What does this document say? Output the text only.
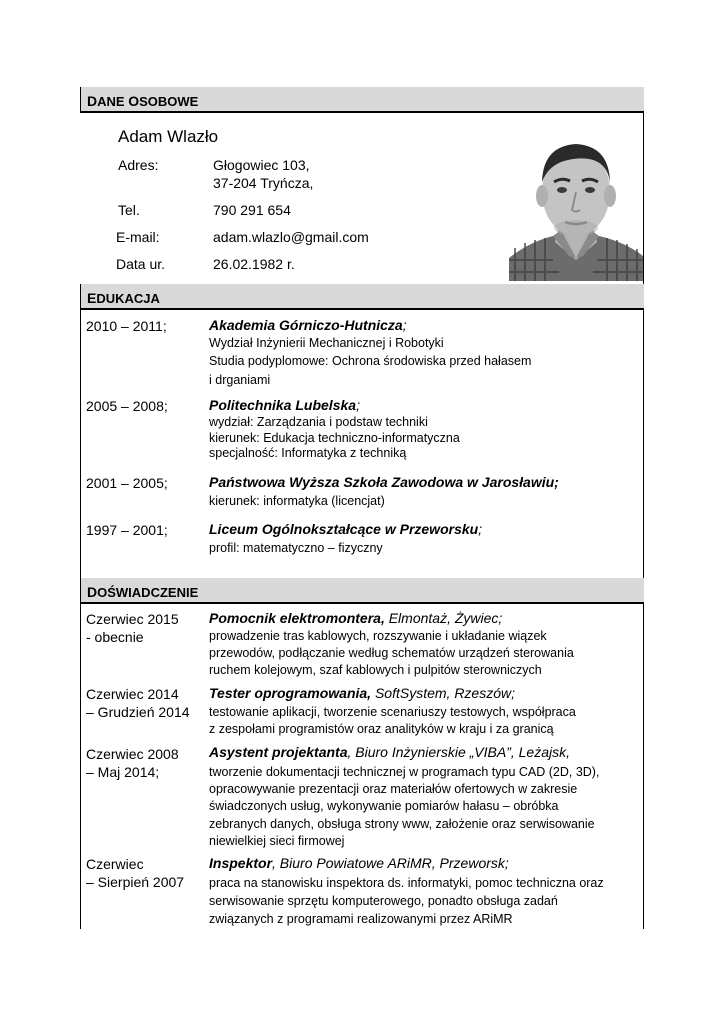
DANE OSOBOWE
EDUKACJA
DOŚWIADCZENIE
Adam Wlazło
Adres:	Głogowiec 103,
37-204 Tryńcza,
Tel.	790 291 654
E-mail:	adam.wlazlo@gmail.com
Data ur.	26.02.1982 r.
2010 – 2011;	Akademia Górniczo-Hutnicza;
Wydział Inżynierii Mechanicznej i Robotyki
Studia podyplomowe: Ochrona środowiska przed hałasem
i drganiami
2005 – 2008;	Politechnika Lubelska;
wydział: Zarządzania i podstaw techniki
kierunek: Edukacja techniczno-informatyczna
specjalność: Informatyka z techniką
2001 – 2005;	Państwowa Wyższa Szkoła Zawodowa w Jarosławiu;
kierunek: informatyka (licencjat)
1997 – 2001;	Liceum Ogólnokształcące w Przeworsku;
profil: matematyczno – fizyczny
Czerwiec 2015
- obecnie
Pomocnik elektromontera, Elmontaż, Żywiec;
prowadzenie tras kablowych, rozszywanie i układanie wiązek
przewodów, podłączanie według schematów urządzeń sterowania
ruchem kolejowym, szaf kablowych i pulpitów sterowniczych
Czerwiec 2014
– Grudzień 2014
Tester oprogramowania, SoftSystem, Rzeszów;
testowanie aplikacji, tworzenie scenariuszy testowych, współpraca
z zespołami programistów oraz analityków w kraju i za granicą
Czerwiec 2008
– Maj 2014;
Asystent projektanta, Biuro Inżynierskie „VIBA”, Leżajsk,
tworzenie dokumentacji technicznej w programach typu CAD (2D, 3D),
opracowywanie prezentacji oraz materiałów ofertowych w zakresie
świadczonych usług, wykonywanie pomiarów hałasu – obróbka
zebranych danych, obsługa strony www, założenie oraz serwisowanie
niewielkiej sieci firmowej
Czerwiec
– Sierpień 2007
Inspektor, Biuro Powiatowe ARiMR, Przeworsk;
praca na stanowisku inspektora ds. informatyki, pomoc techniczna oraz
serwisowanie sprzętu komputerowego, ponadto obsługa zadań
związanych z programami realizowanymi przez ARiMR
